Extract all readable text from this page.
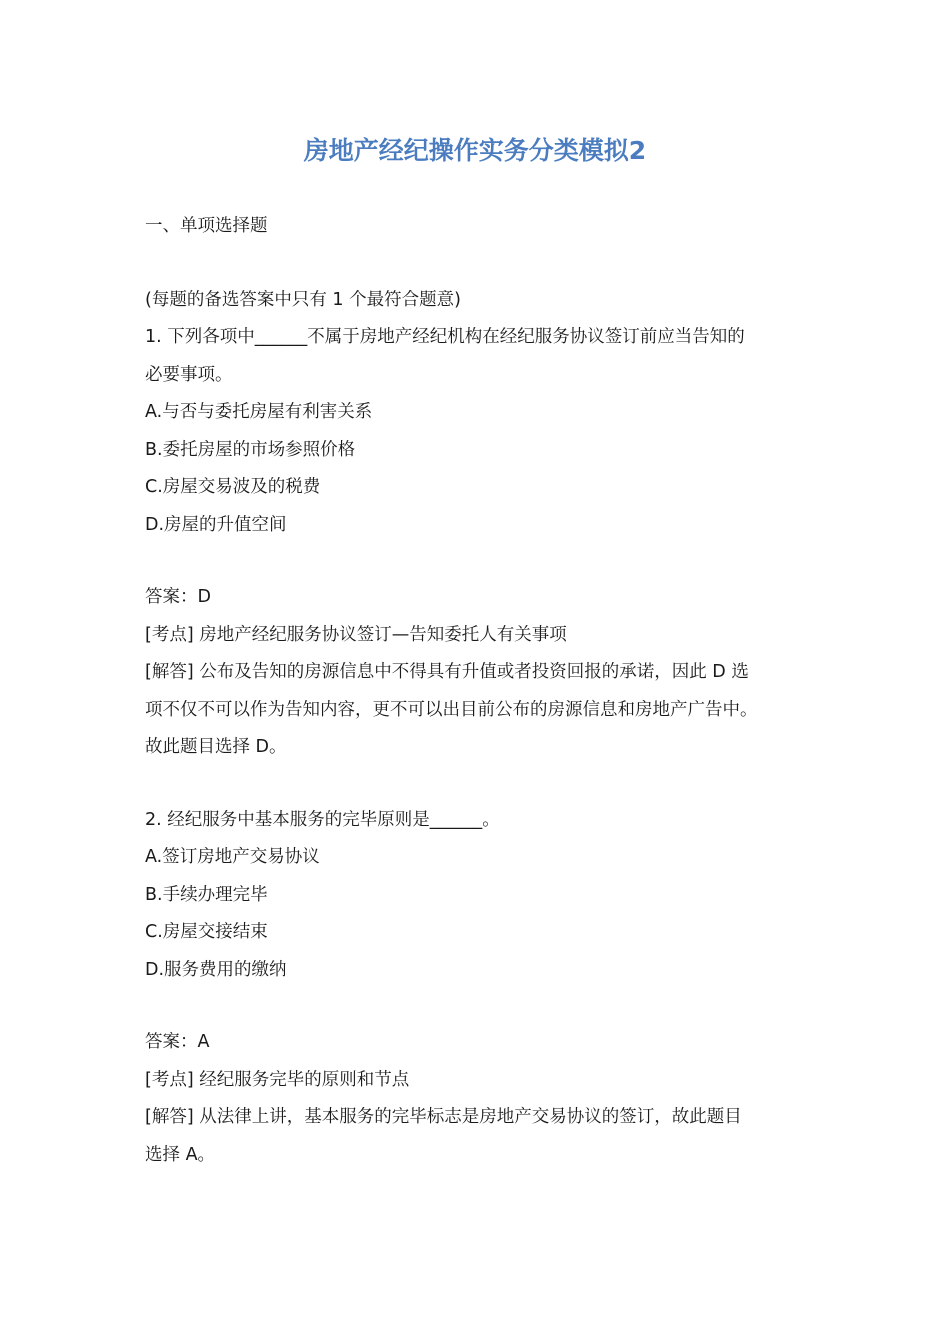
房地产经纪操作实务分类模拟2
一、单项选择题
(每题的备选答案中只有 1 个最符合题意)
1. 下列各项中______不属于房地产经纪机构在经纪服务协议签订前应当告知的
必要事项。
A.与否与委托房屋有利害关系
B.委托房屋的市场参照价格
C.房屋交易波及的税费
D.房屋的升值空间
答案：D
[考点] 房地产经纪服务协议签订—告知委托人有关事项
[解答] 公布及告知的房源信息中不得具有升值或者投资回报的承诺，因此 D 选
项不仅不可以作为告知内容，更不可以出目前公布的房源信息和房地产广告中。
故此题目选择 D。
2. 经纪服务中基本服务的完毕原则是______。
A.签订房地产交易协议
B.手续办理完毕
C.房屋交接结束
D.服务费用的缴纳
答案：A
[考点] 经纪服务完毕的原则和节点
[解答] 从法律上讲，基本服务的完毕标志是房地产交易协议的签订，故此题目
选择 A。
